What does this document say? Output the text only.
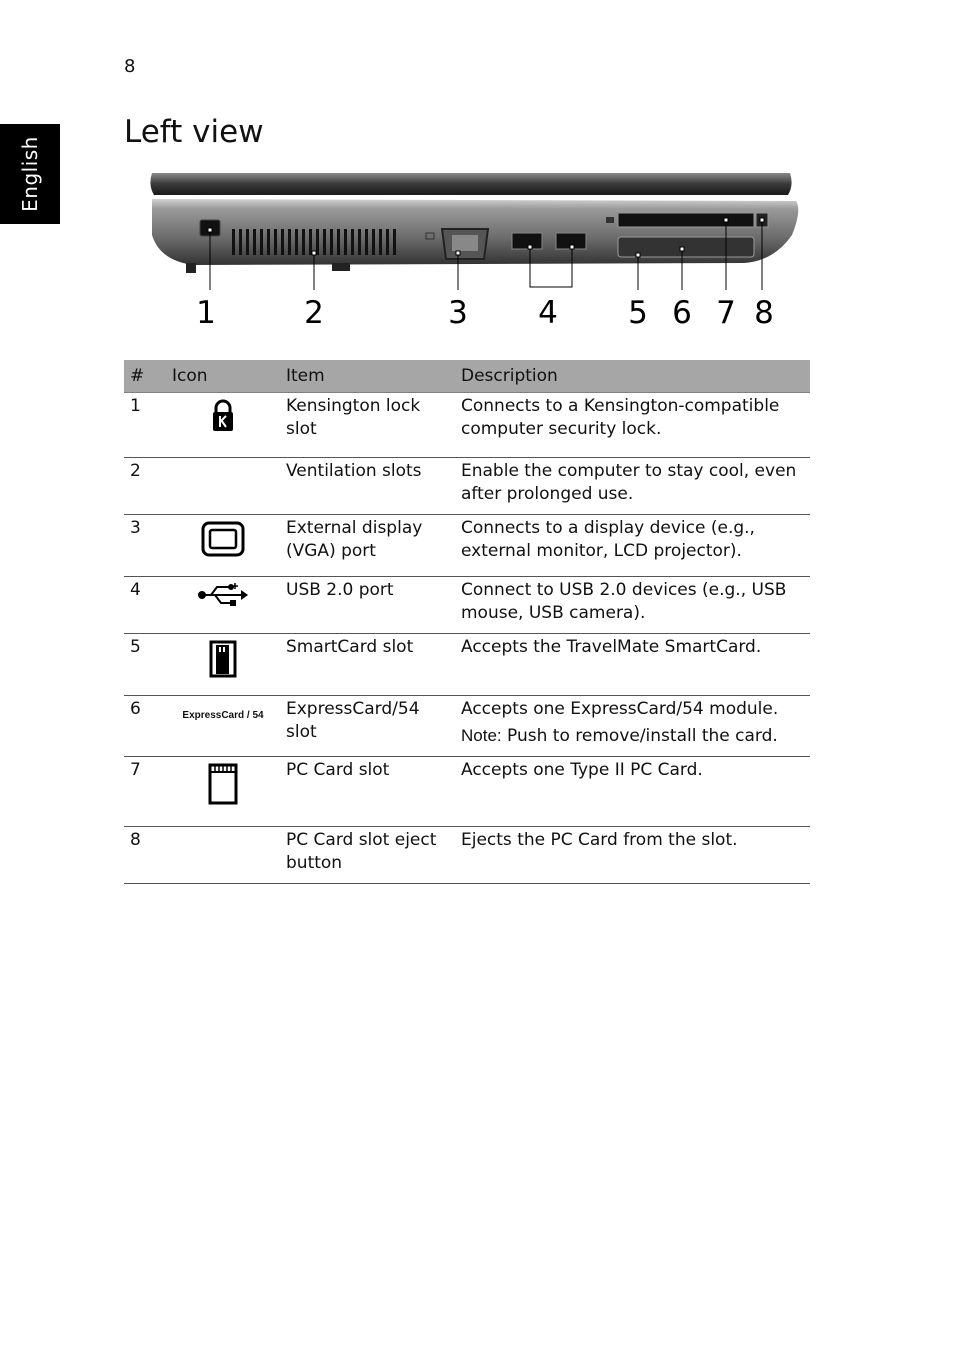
8
English
Left view
1	2	3 4 5 6 7 8
#	Icon	Item	Description
1		Kensington lock slot	Connects to a Kensington-compatible computer security lock.
2		Ventilation slots	Enable the computer to stay cool, even after prolonged use.
3		External display (VGA) port	Connects to a display device (e.g., external monitor, LCD projector).
4		USB 2.0 port	Connect to USB 2.0 devices (e.g., USB mouse, USB camera).
5		SmartCard slot	Accepts the TravelMate SmartCard.
6	ExpressCard / 54	ExpressCard/54 slot	Accepts one ExpressCard/54 module.
Note: Push to remove/install the card.

7		PC Card slot	Accepts one Type II PC Card.
8		PC Card slot eject button	Ejects the PC Card from the slot.
